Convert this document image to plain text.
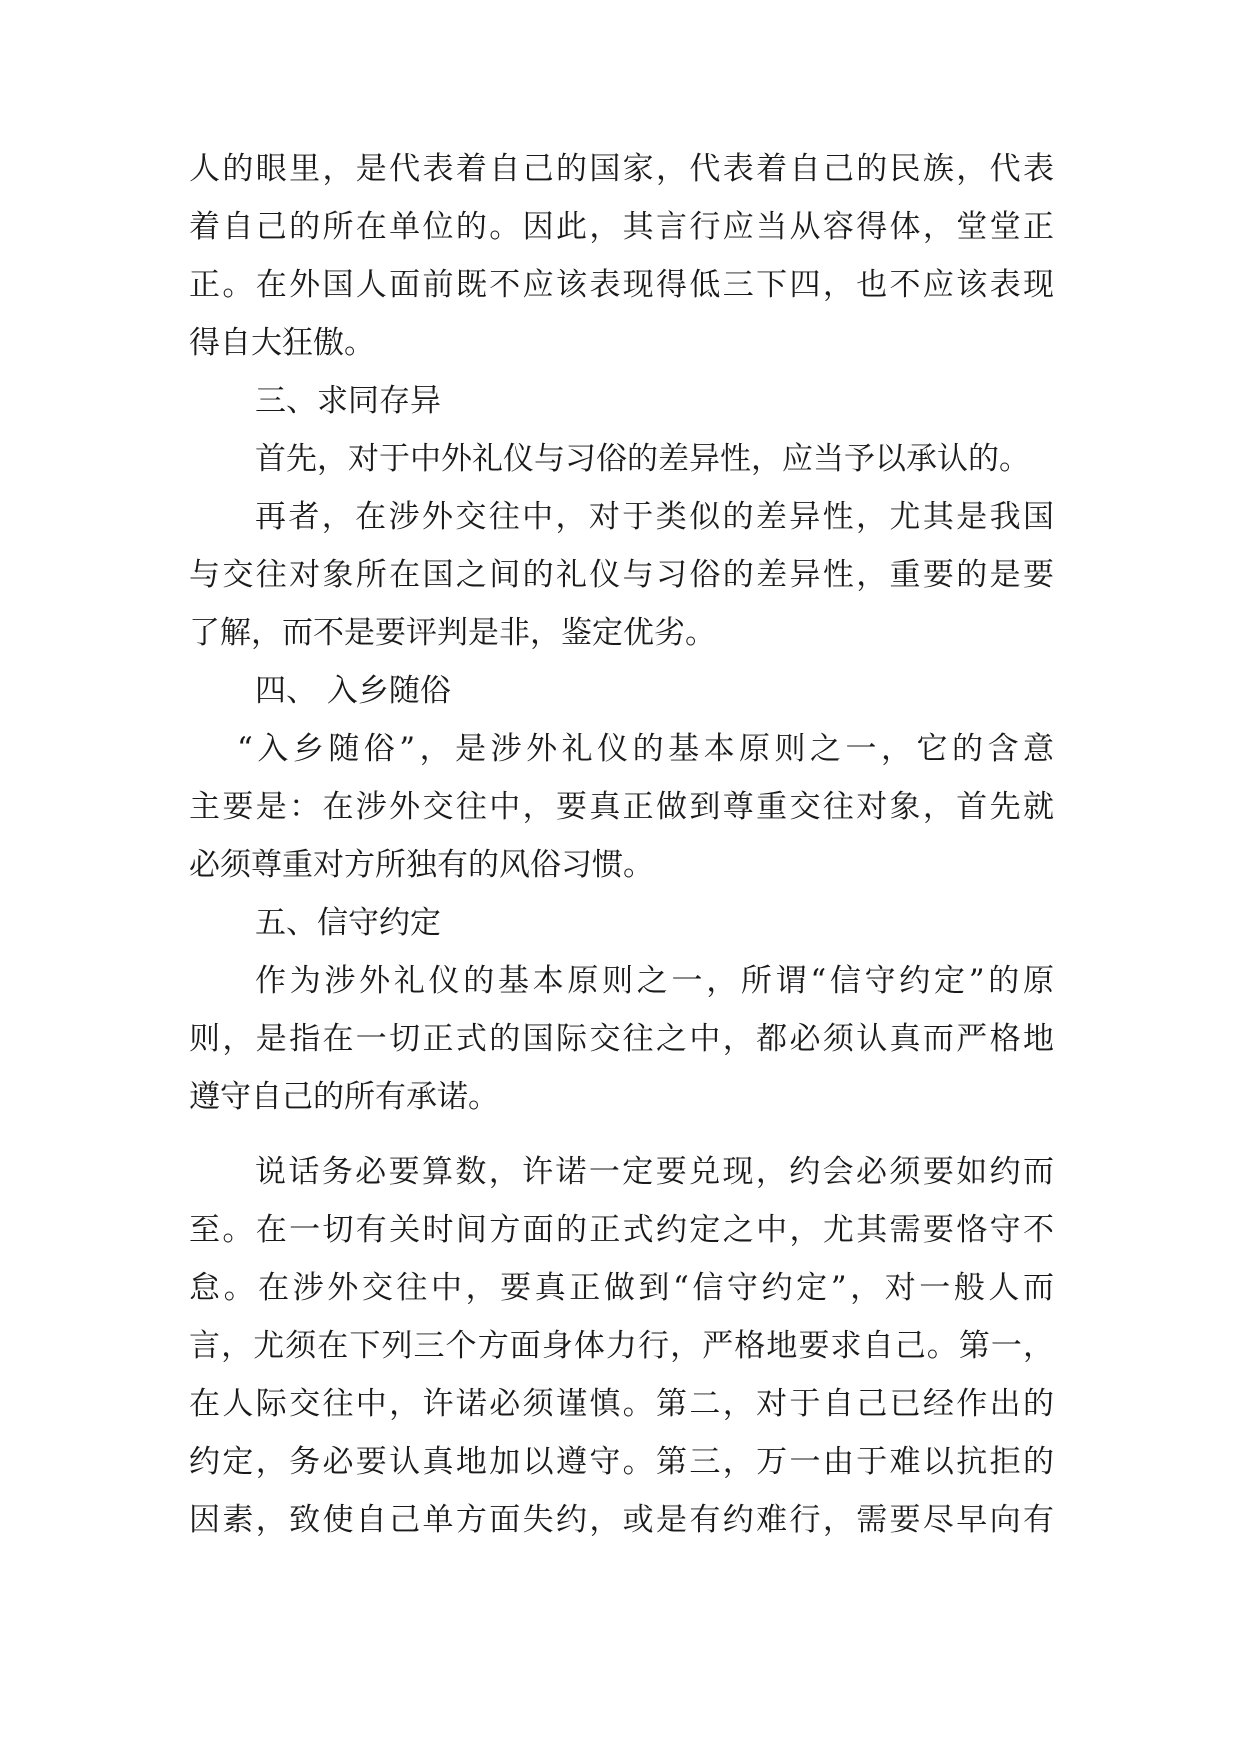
人的眼里，是代表着自己的国家，代表着自己的民族，代表
着自己的所在单位的。因此，其言行应当从容得体，堂堂正
正。在外国人面前既不应该表现得低三下四，也不应该表现
得自大狂傲。
三、求同存异
首先，对于中外礼仪与习俗的差异性，应当予以承认的。
再者，在涉外交往中，对于类似的差异性，尤其是我国
与交往对象所在国之间的礼仪与习俗的差异性，重要的是要
了解，而不是要评判是非，鉴定优劣。
四、 入乡随俗
“入乡随俗”，是涉外礼仪的基本原则之一，它的含意
主要是：在涉外交往中，要真正做到尊重交往对象，首先就
必须尊重对方所独有的风俗习惯。
五、信守约定
作为涉外礼仪的基本原则之一，所谓“信守约定”的原
则，是指在一切正式的国际交往之中，都必须认真而严格地
遵守自己的所有承诺。
说话务必要算数，许诺一定要兑现，约会必须要如约而
至。在一切有关时间方面的正式约定之中，尤其需要恪守不
怠。在涉外交往中，要真正做到“信守约定”，对一般人而
言，尤须在下列三个方面身体力行，严格地要求自己。第一，
在人际交往中，许诺必须谨慎。第二，对于自己已经作出的
约定，务必要认真地加以遵守。第三，万一由于难以抗拒的
因素，致使自己单方面失约，或是有约难行，需要尽早向有
